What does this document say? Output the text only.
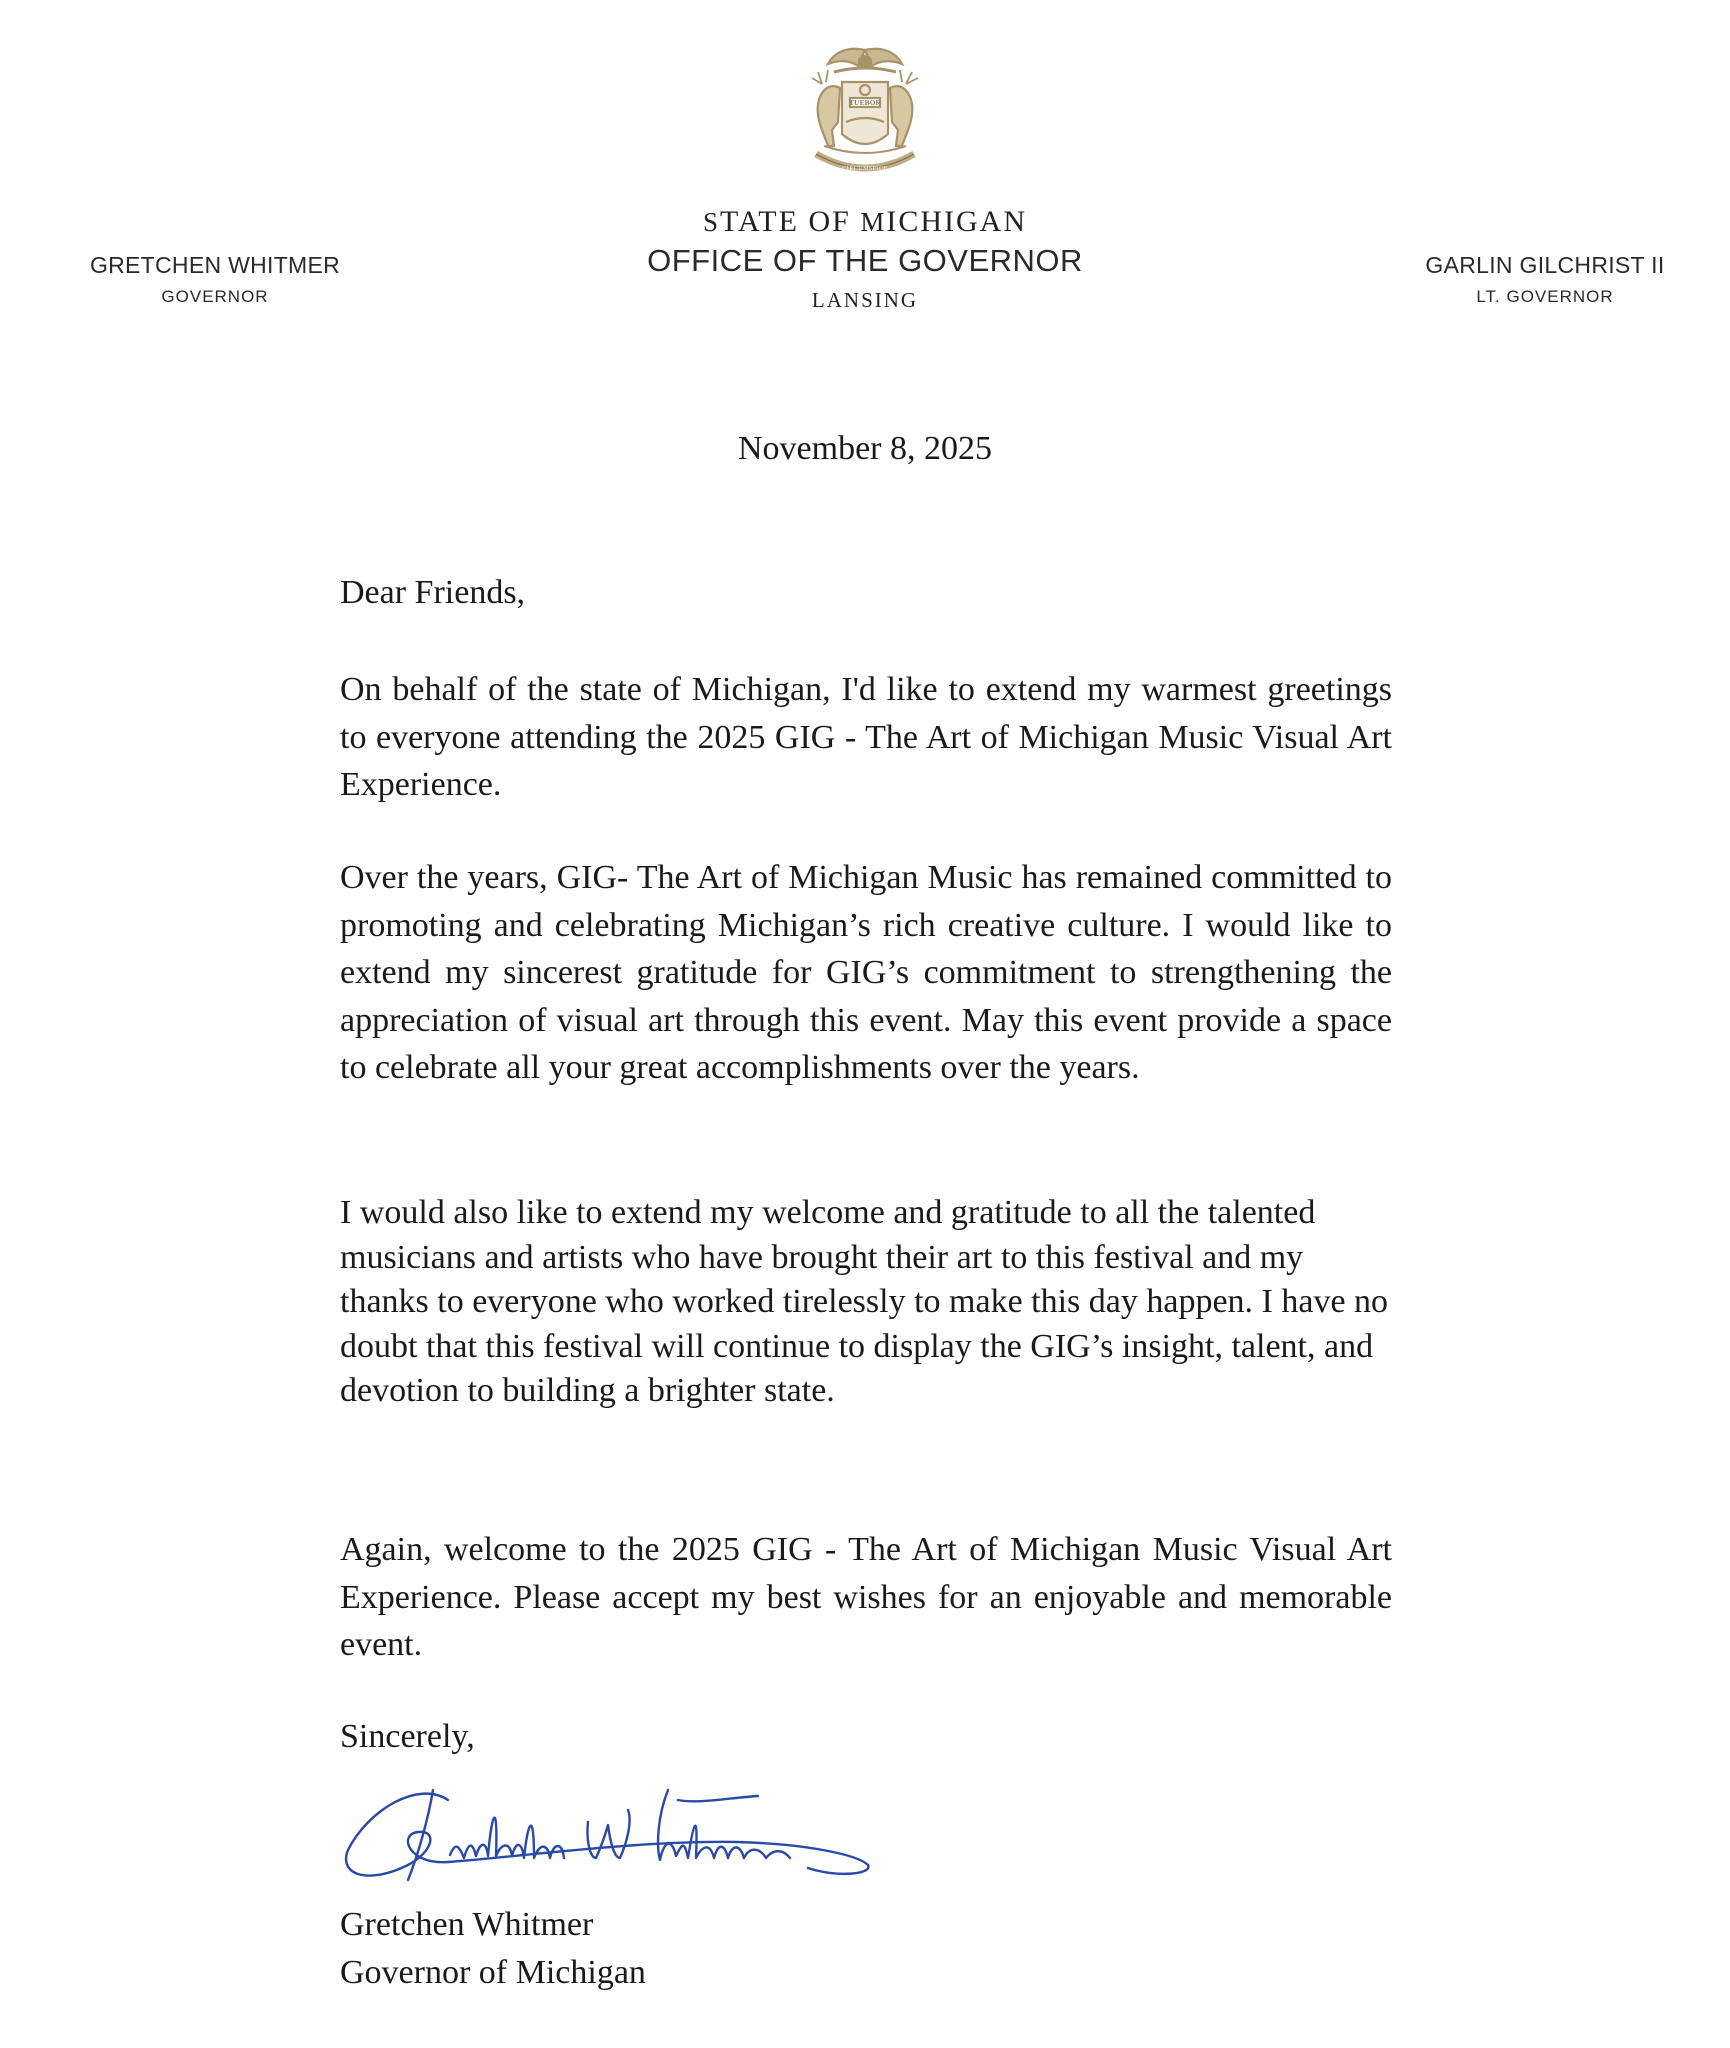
TUEBOR
CIRCUMSPICE
STATE OF MICHIGAN
OFFICE OF THE GOVERNOR
LANSING
GRETCHEN WHITMER
GOVERNOR
GARLIN GILCHRIST II
LT. GOVERNOR
November 8, 2025
Dear Friends,
On behalf of the state of Michigan, I'd like to extend my warmest greetings to everyone attending the 2025 GIG - The Art of Michigan Music Visual Art Experience.
Over the years, GIG- The Art of Michigan Music has remained committed to promoting and celebrating Michigan’s rich creative culture. I would like to extend my sincerest gratitude for GIG’s commitment to strengthening the appreciation of visual art through this event. May this event provide a space to celebrate all your great accomplishments over the years.
I would also like to extend my welcome and gratitude to all the talented musicians and artists who have brought their art to this festival and my thanks to everyone who worked tirelessly to make this day happen. I have no doubt that this festival will continue to display the GIG’s insight, talent, and devotion to building a brighter state.
Again, welcome to the 2025 GIG - The Art of Michigan Music Visual Art Experience. Please accept my best wishes for an enjoyable and memorable event.
Sincerely,
Gretchen Whitmer
Governor of Michigan
